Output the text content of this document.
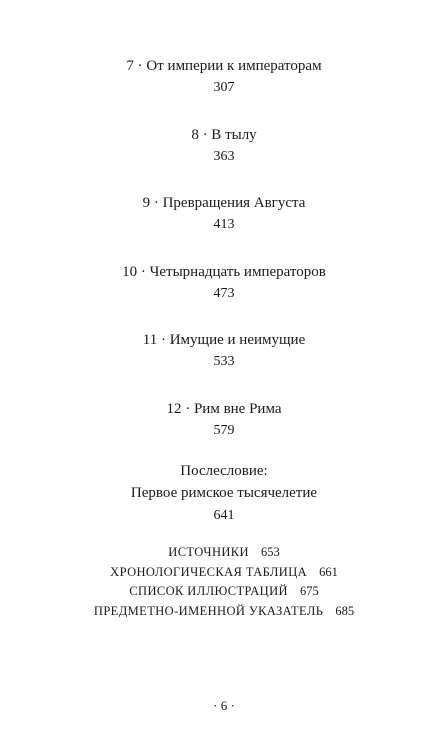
7 · От империи к императорам
307
8 · В тылу
363
9 · Превращения Августа
413
10 · Четырнадцать императоров
473
11 · Имущие и неимущие
533
12 · Рим вне Рима
579
Послесловие:
Первое римское тысячелетие
641
ИСТОЧНИКИ 653
ХРОНОЛОГИЧЕСКАЯ ТАБЛИЦА 661
СПИСОК ИЛЛЮСТРАЦИЙ 675
ПРЕДМЕТНО-ИМЕННОЙ УКАЗАТЕЛЬ 685
· 6 ·
